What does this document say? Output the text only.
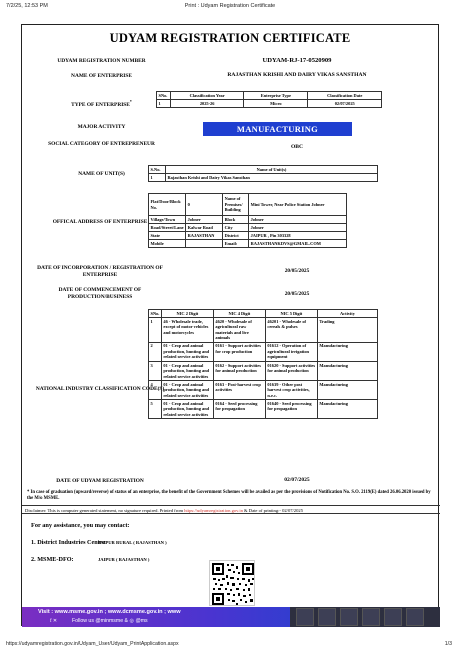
7/2/25, 12:53 PM	Print : Udyam Registration Certificate
UDYAM REGISTRATION CERTIFICATE
UDYAM REGISTRATION NUMBER	UDYAM-RJ-17-0520909
NAME OF ENTERPRISE	RAJASTHAN KRISHI AND DAIRY VIKAS SANSTHAN
TYPE OF ENTERPRISE*
SNo.	Classification Year	Enterprise Type	Classification Date
1	2025-26	Micro	02/07/2025
MAJOR ACTIVITY	MANUFACTURING
SOCIAL CATEGORY OF ENTREPRENEUR	OBC
NAME OF UNIT(S)
S.No.	Name of Unit(s)
1	Rajasthan Krishi and Dairy Vikas Sansthan
OFFICAL ADDRESS OF ENTERPRISE
Flat/Door/Block No.	0	Name of Premises/ Building	Mini Tower, Near Police Station Jobner
Village/Town	Jobner	Block	Jobner
Road/Street/Lane	Kalwar Road	City	Jobner
State	RAJASTHAN	District	JAIPUR , Pin 303328
Mobile		Email:	RAJASTHANKDVS@GMAIL.COM
DATE OF INCORPORATION / REGISTRATION OF ENTERPRISE
20/05/2025
DATE OF COMMENCEMENT OF PRODUCTION/BUSINESS	20/05/2025
NATIONAL INDUSTRY CLASSIFICATION CODE(S)
SNo.	NIC 2 Digit	NIC 4 Digit	NIC 5 Digit	Activity
1	46 - Wholesale trade, except of motor vehicles and motorcycles	4620 - Wholesale of agricultural raw materials and live animals	46201 - Wholesale of cereals & pulses	Trading
2	01 - Crop and animal production, hunting and related service activities	0161 - Support activities for crop production	01612 - Operation of agricultural irrigation equipment	Manufacturing
3	01 - Crop and animal production, hunting and related service activities	0162 - Support activities for animal production	01620 - Support activities for animal production	Manufacturing
4	01 - Crop and animal production, hunting and related service activities	0163 - Post-harvest crop activities	01639 - Other post harvest crop activities, n.e.c.	Manufacturing
5	01 - Crop and animal production, hunting and related service activities	0164 - Seed processing for propagation	01640 - Seed processing for propagation	Manufacturing
DATE OF UDYAM REGISTRATION	02/07/2025
* In case of graduation (upward/reverse) of status of an enterprise, the benefit of the Government Schemes will be availed as per the provisions of Notification No. S.O. 2119(E) dated 26.06.2020 issued by the M/o MSME.
Disclaimer: This is computer generated statement, no signature required. Printed from https://udyamregistration.gov.in & Date of printing:- 02/07/2025
For any assistance, you may contact:
1. District Industries Centre:
JAIPUR RURAL ( RAJASTHAN )
2. MSME-DFO:	JAIPUR ( RAJASTHAN )
Visit : www.msme.gov.in ; www.dcmsme.gov.in ; www
f ✕	Follow us @minmsme & ◎ @ms
https://udyamregistration.gov.in/Udyam_User/Udyam_PrintApplication.aspx	1/3
